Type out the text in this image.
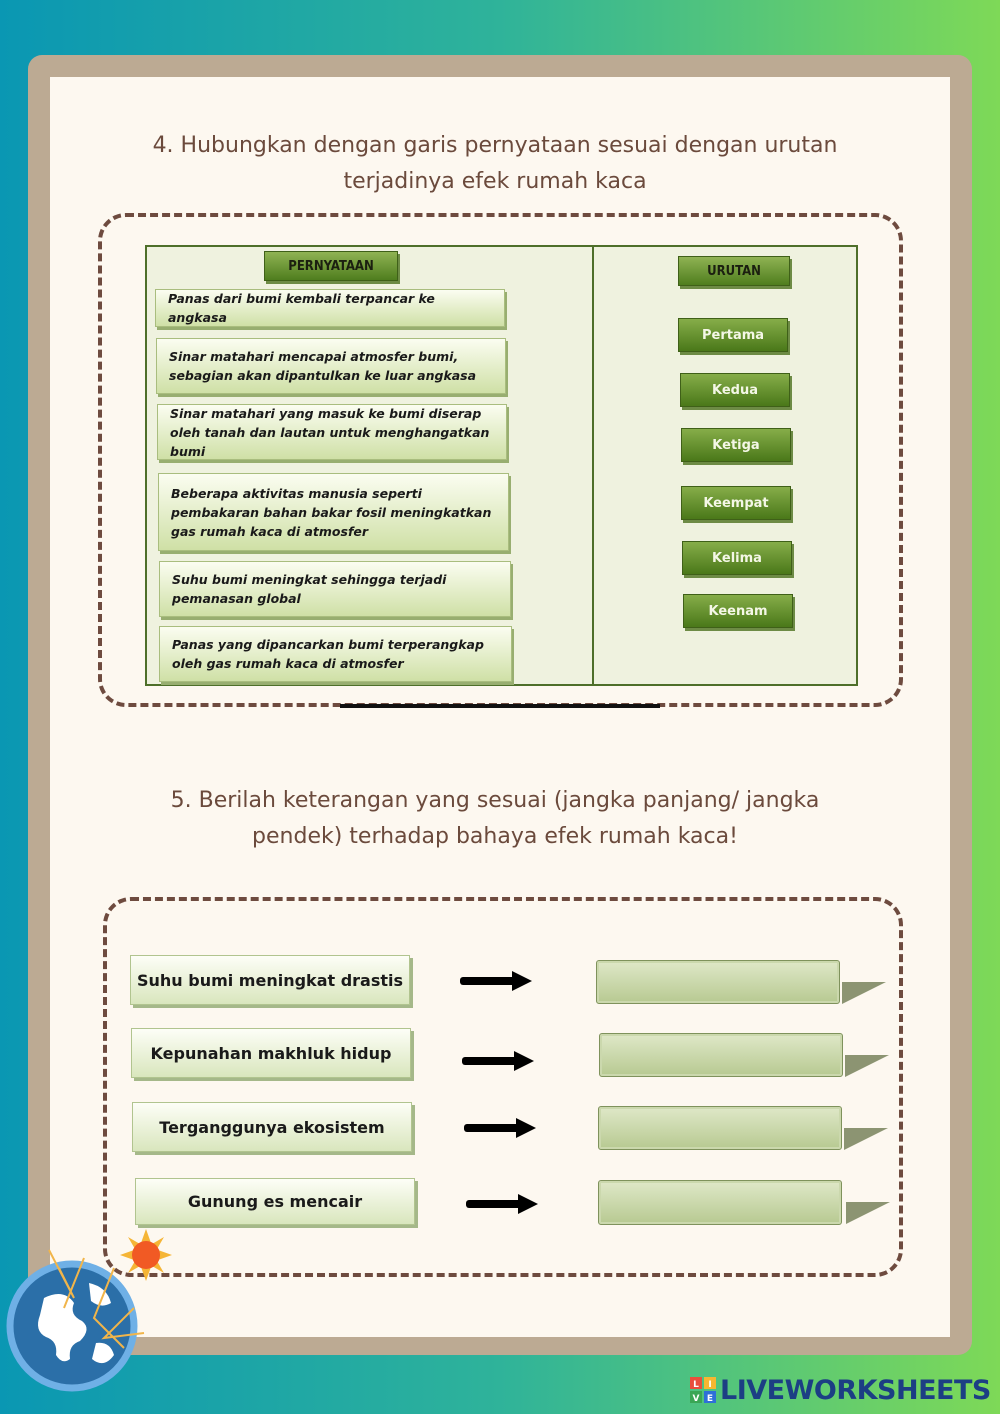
4. Hubungkan dengan garis pernyataan sesuai dengan urutan
terjadinya efek rumah kaca
PERNYATAAN	URUTAN
Panas dari bumi kembali terpancar ke angkasa
Sinar matahari mencapai atmosfer bumi, sebagian akan dipantulkan ke luar angkasa
Sinar matahari yang masuk ke bumi diserap oleh tanah dan lautan untuk menghangatkan bumi
Beberapa aktivitas manusia seperti pembakaran bahan bakar fosil meningkatkan gas rumah kaca di atmosfer
Suhu bumi meningkat sehingga terjadi pemanasan global
Panas yang dipancarkan bumi terperangkap oleh gas rumah kaca di atmosfer
Pertama
Kedua
Ketiga
Keempat
Kelima
Keenam
5. Berilah keterangan yang sesuai (jangka panjang/ jangka
pendek) terhadap bahaya efek rumah kaca!
Suhu bumi meningkat drastis
Kepunahan makhluk hidup
Terganggunya ekosistem
Gunung es mencair
L I
V E LIVEWORKSHEETS
